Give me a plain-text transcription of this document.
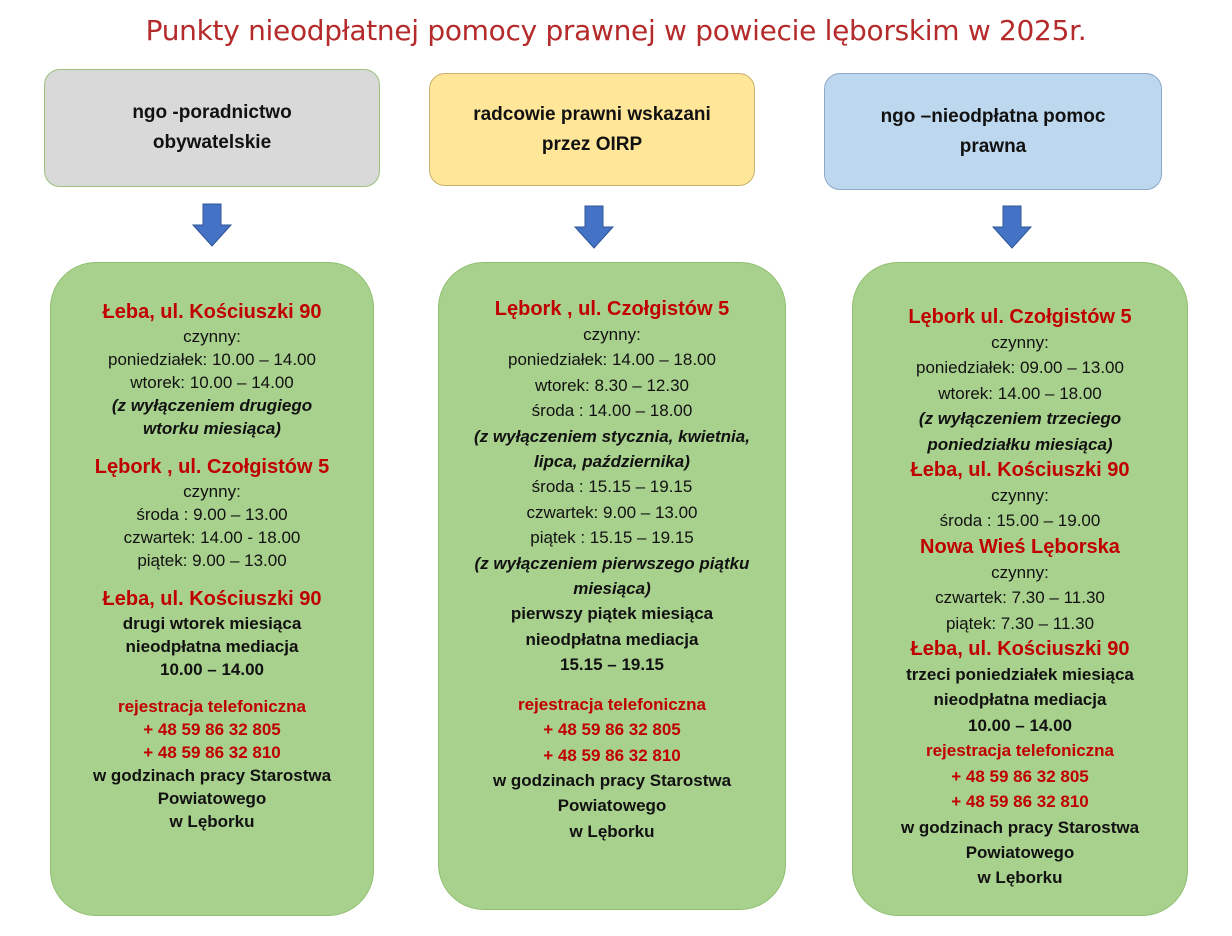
Punkty nieodpłatnej pomocy prawnej w powiecie lęborskim w 2025r.
ngo -poradnictwo
obywatelskie
radcowie prawni wskazani
przez OIRP
ngo –nieodpłatna pomoc
prawna
Łeba, ul. Kościuszki 90
czynny:
poniedziałek: 10.00 – 14.00
wtorek: 10.00 – 14.00
(z wyłączeniem drugiego
wtorku miesiąca)
Lębork , ul. Czołgistów 5
czynny:
środa : 9.00 – 13.00
czwartek: 14.00 - 18.00
piątek: 9.00 – 13.00
Łeba, ul. Kościuszki 90
drugi wtorek miesiąca
nieodpłatna mediacja
10.00 – 14.00
rejestracja telefoniczna
+ 48 59 86 32 805
+ 48 59 86 32 810
w godzinach pracy Starostwa
Powiatowego
w Lęborku
Lębork , ul. Czołgistów 5
czynny:
poniedziałek: 14.00 – 18.00
wtorek: 8.30 – 12.30
środa : 14.00 – 18.00
(z wyłączeniem stycznia, kwietnia,
lipca, października)
środa : 15.15 – 19.15
czwartek: 9.00 – 13.00
piątek : 15.15 – 19.15
(z wyłączeniem pierwszego piątku
miesiąca)
pierwszy piątek miesiąca
nieodpłatna mediacja
15.15 – 19.15
rejestracja telefoniczna
+ 48 59 86 32 805
+ 48 59 86 32 810
w godzinach pracy Starostwa
Powiatowego
w Lęborku
Lębork ul. Czołgistów 5
czynny:
poniedziałek: 09.00 – 13.00
wtorek: 14.00 – 18.00
(z wyłączeniem trzeciego
poniedziałku miesiąca)
Łeba, ul. Kościuszki 90
czynny:
środa : 15.00 – 19.00
Nowa Wieś Lęborska
czynny:
czwartek: 7.30 – 11.30
piątek: 7.30 – 11.30
Łeba, ul. Kościuszki 90
trzeci poniedziałek miesiąca
nieodpłatna mediacja
10.00 – 14.00
rejestracja telefoniczna
+ 48 59 86 32 805
+ 48 59 86 32 810
w godzinach pracy Starostwa
Powiatowego
w Lęborku
